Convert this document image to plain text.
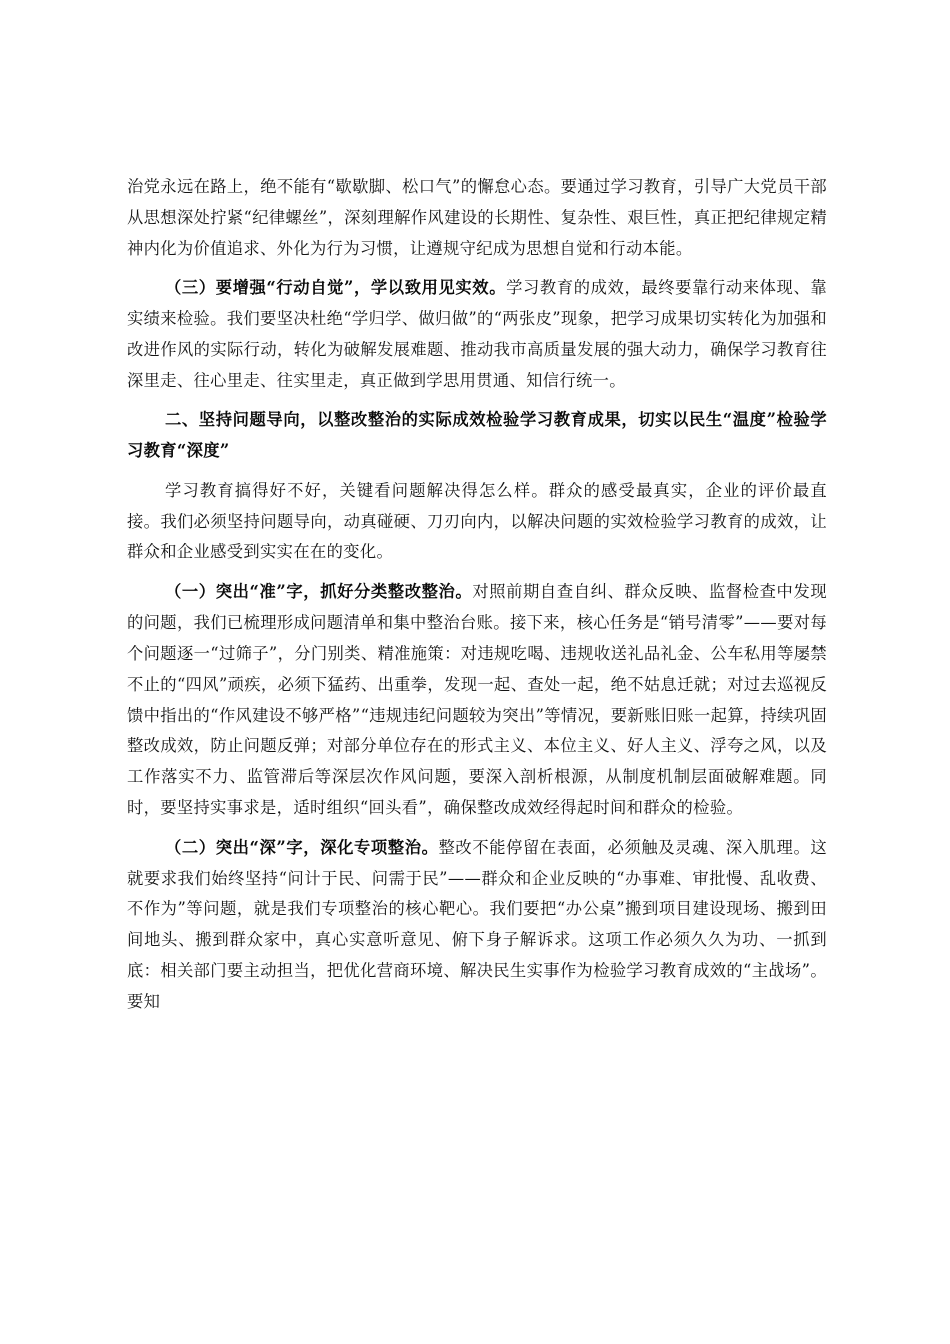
治党永远在路上，绝不能有“歇歇脚、松口气”的懈怠心态。要通过学习教育，引导广大党员干部从思想深处拧紧“纪律螺丝”，深刻理解作风建设的长期性、复杂性、艰巨性，真正把纪律规定精神内化为价值追求、外化为行为习惯，让遵规守纪成为思想自觉和行动本能。

（三）要增强“行动自觉”，学以致用见实效。学习教育的成效，最终要靠行动来体现、靠实绩来检验。我们要坚决杜绝“学归学、做归做”的“两张皮”现象，把学习成果切实转化为加强和改进作风的实际行动，转化为破解发展难题、推动我市高质量发展的强大动力，确保学习教育往深里走、往心里走、往实里走，真正做到学思用贯通、知信行统一。

二、坚持问题导向，以整改整治的实际成效检验学习教育成果，切实以民生“温度”检验学习教育“深度”

学习教育搞得好不好，关键看问题解决得怎么样。群众的感受最真实，企业的评价最直接。我们必须坚持问题导向，动真碰硬、刀刃向内，以解决问题的实效检验学习教育的成效，让群众和企业感受到实实在在的变化。

（一）突出“准”字，抓好分类整改整治。对照前期自查自纠、群众反映、监督检查中发现的问题，我们已梳理形成问题清单和集中整治台账。接下来，核心任务是“销号清零”——要对每个问题逐一“过筛子”，分门别类、精准施策：对违规吃喝、违规收送礼品礼金、公车私用等屡禁不止的“四风”顽疾，必须下猛药、出重拳，发现一起、查处一起，绝不姑息迁就；对过去巡视反馈中指出的“作风建设不够严格”“违规违纪问题较为突出”等情况，要新账旧账一起算，持续巩固整改成效，防止问题反弹；对部分单位存在的形式主义、本位主义、好人主义、浮夸之风，以及工作落实不力、监管滞后等深层次作风问题，要深入剖析根源，从制度机制层面破解难题。同时，要坚持实事求是，适时组织“回头看”，确保整改成效经得起时间和群众的检验。

（二）突出“深”字，深化专项整治。整改不能停留在表面，必须触及灵魂、深入肌理。这就要求我们始终坚持“问计于民、问需于民”——群众和企业反映的“办事难、审批慢、乱收费、不作为”等问题，就是我们专项整治的核心靶心。我们要把“办公桌”搬到项目建设现场、搬到田间地头、搬到群众家中，真心实意听意见、俯下身子解诉求。这项工作必须久久为功、一抓到底：相关部门要主动担当，把优化营商环境、解决民生实事作为检验学习教育成效的“主战场”。要知
